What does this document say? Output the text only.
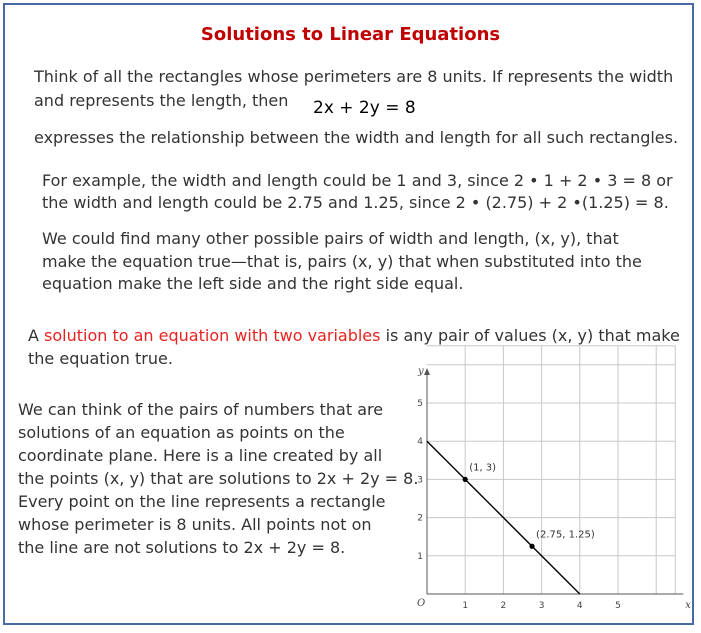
Solutions to Linear Equations

Think of all the rectangles whose perimeters are 8 units. If represents the width

and represents the length, then 2x + 2y = 8

expresses the relationship between the width and length for all such rectangles.

For example, the width and length could be 1 and 3, since 2 • 1 + 2 • 3 = 8 or

the width and length could be 2.75 and 1.25, since 2 • (2.75) + 2 •(1.25) = 8.

We could find many other possible pairs of width and length, (x, y), that

make the equation true—that is, pairs (x, y) that when substituted into the

equation make the left side and the right side equal.

A solution to an equation with two variables is any pair of values (x, y) that make

the equation true.

We can think of the pairs of numbers that are

solutions of an equation as points on the

coordinate plane. Here is a line created by all

the points (x, y) that are solutions to 2x + 2y = 8.

Every point on the line represents a rectangle

whose perimeter is 8 units. All points not on

the line are not solutions to 2x + 2y = 8.

1	2	3	4	5
1
2
3
4
5
x
y
O
(1, 3)
(2.75, 1.25)
